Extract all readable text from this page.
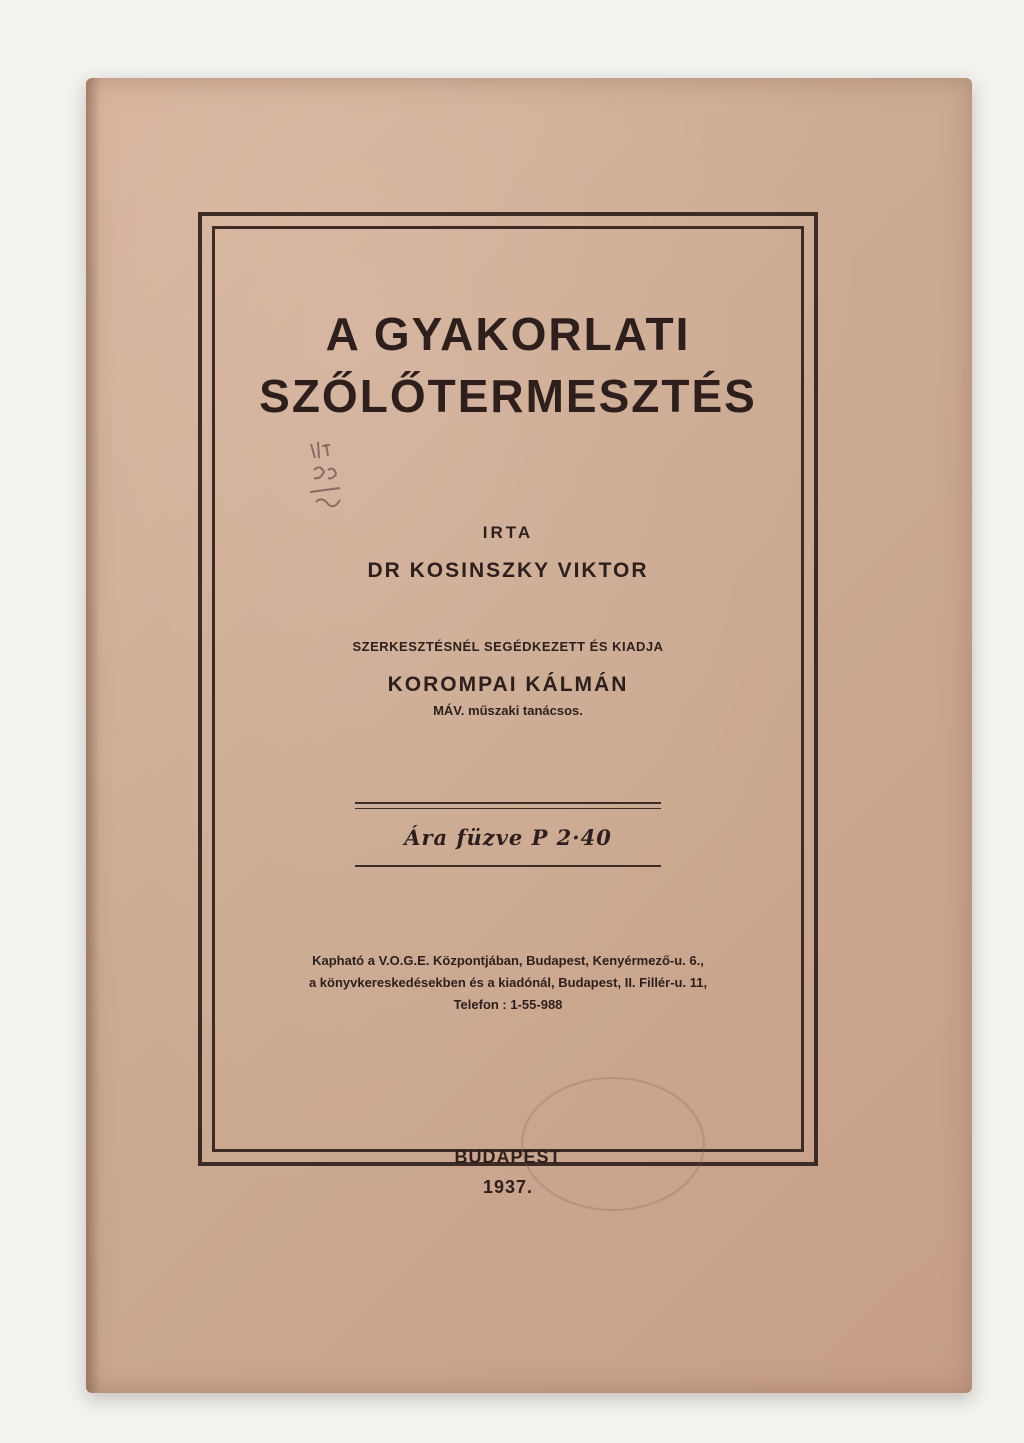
A GYAKORLATI
SZŐLŐTERMESZTÉS
IRTA
DR KOSINSZKY VIKTOR
SZERKESZTÉSNÉL SEGÉDKEZETT ÉS KIADJA
KOROMPAI KÁLMÁN
MÁV. műszaki tanácsos.
Ára füzve P 2·40
Kapható a V.O.G.E. Központjában, Budapest, Kenyérmező-u. 6.,
a könyvkereskedésekben és a kiadónál, Budapest, II. Fillér-u. 11,
Telefon : 1-55-988
BUDAPEST
1937.
